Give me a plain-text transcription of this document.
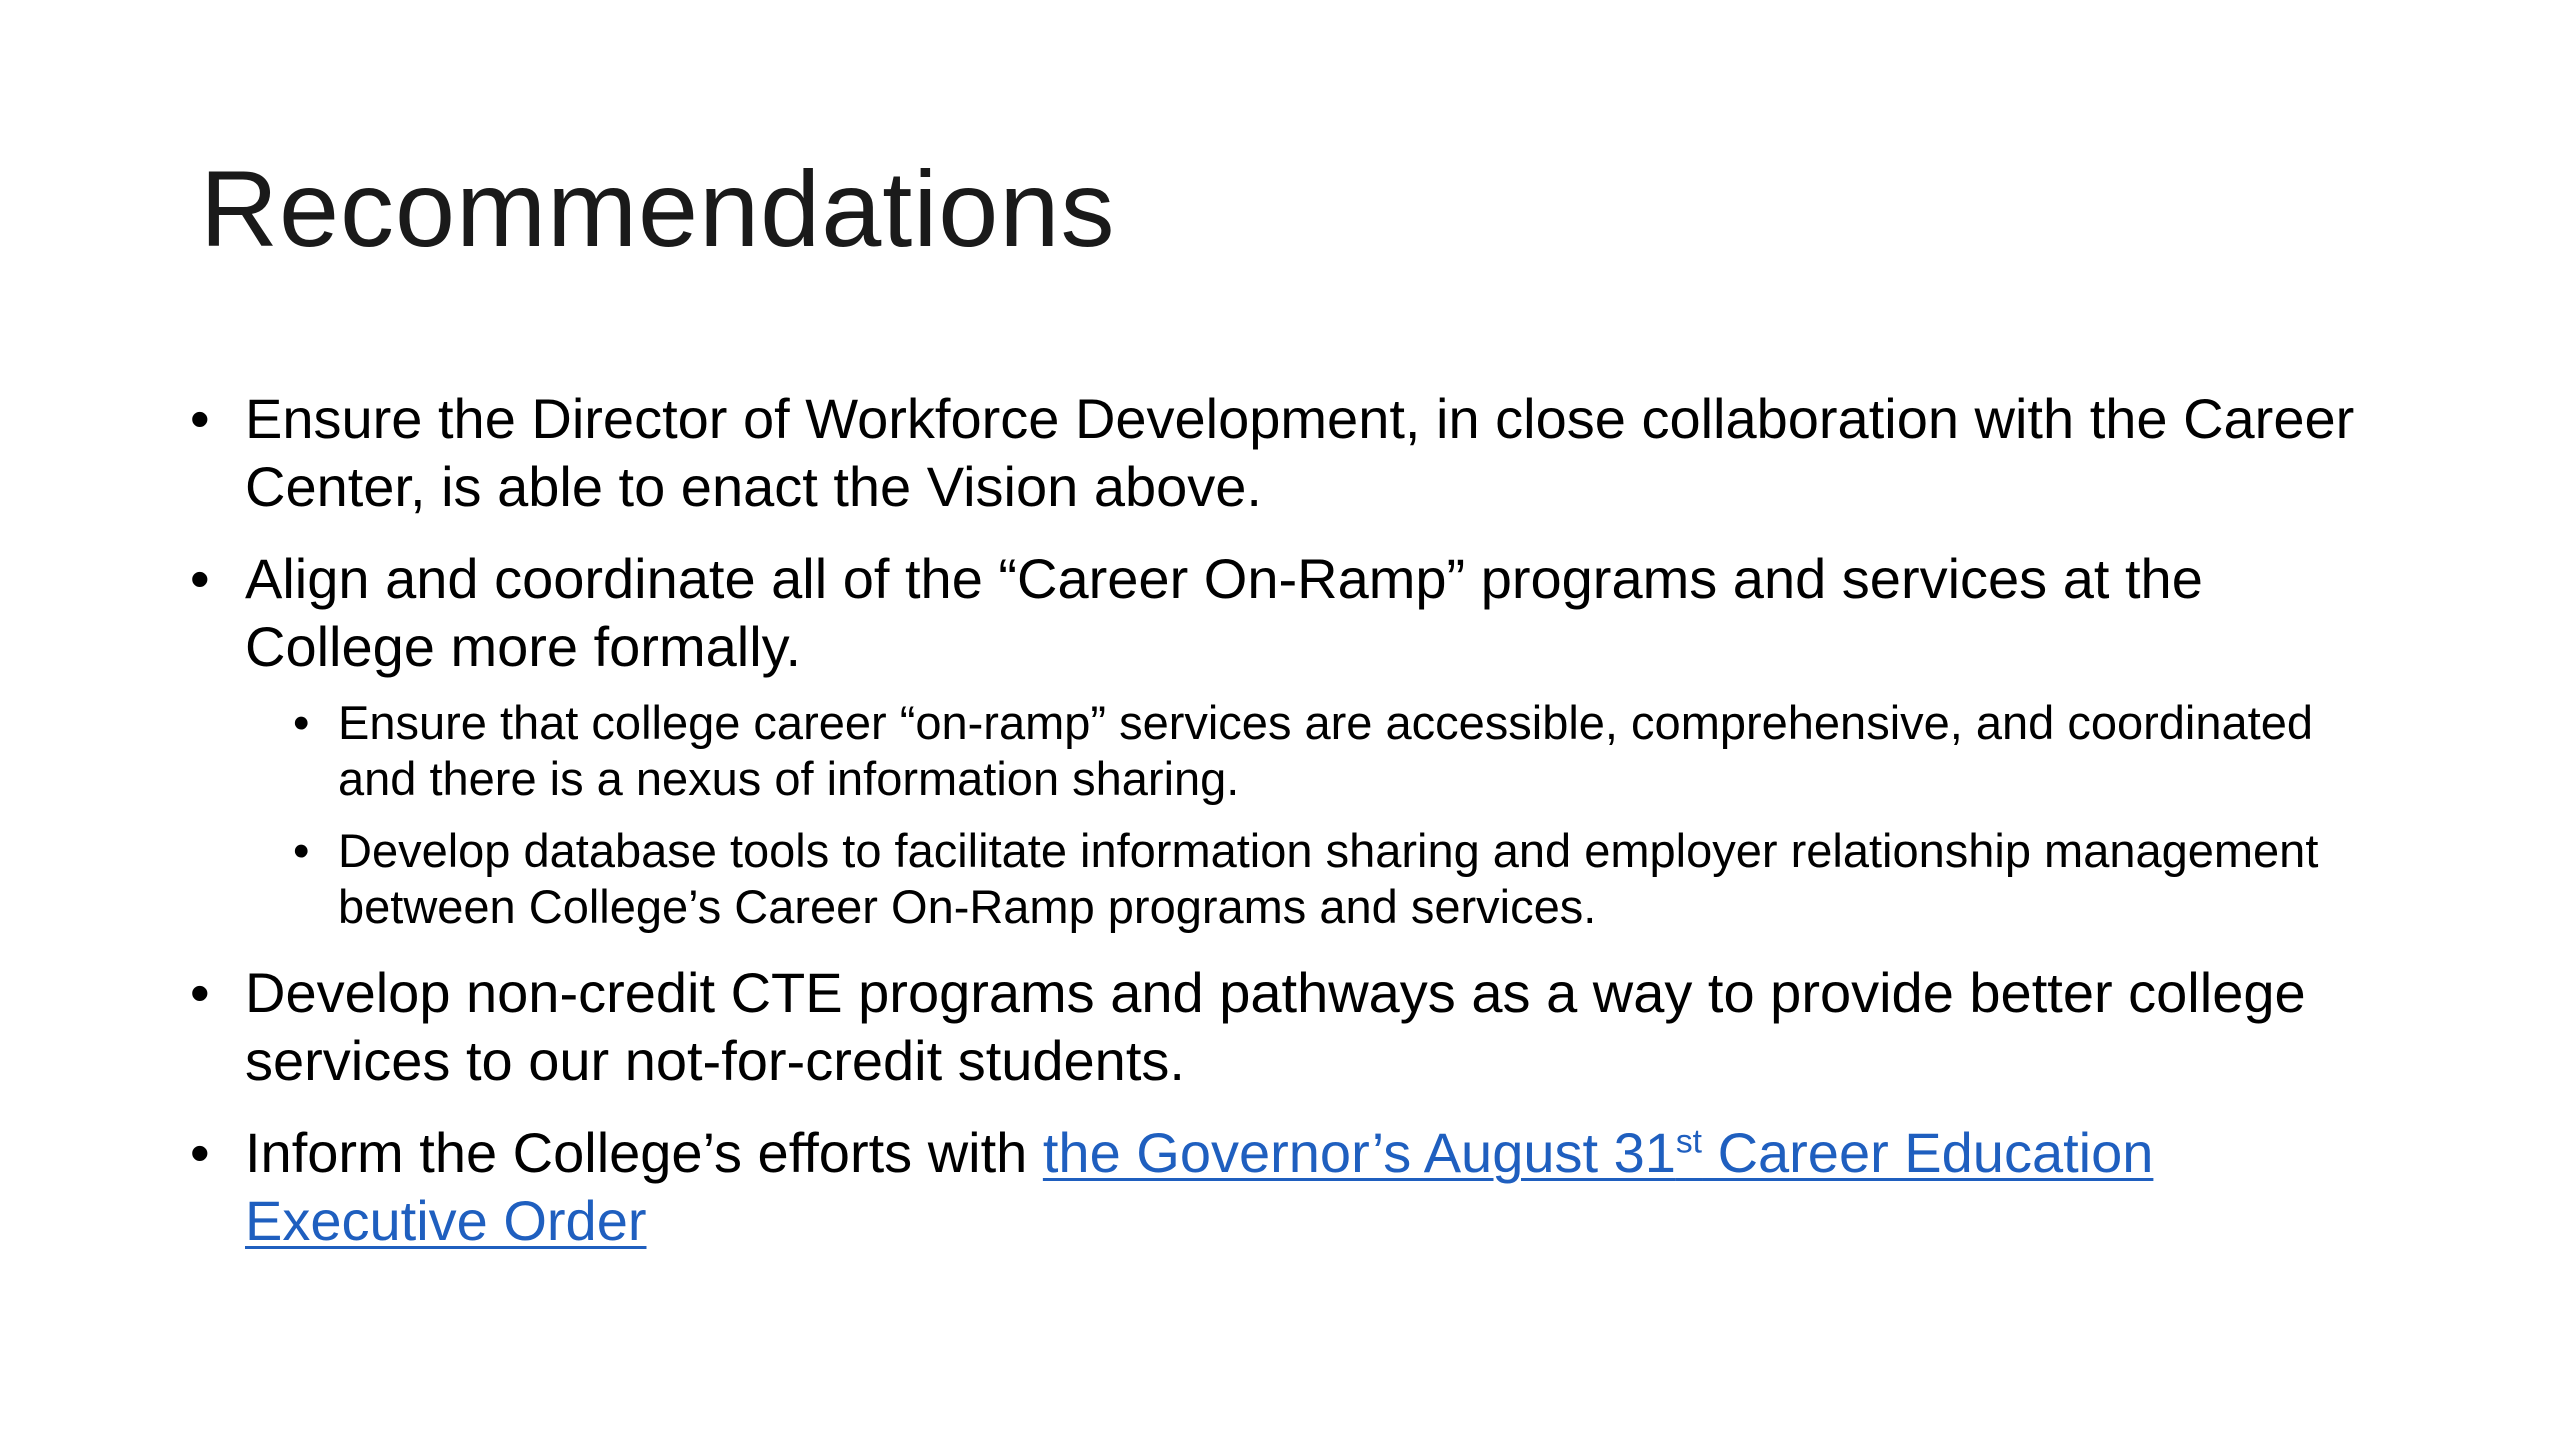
Recommendations
• Ensure the Director of Workforce Development, in close collaboration with the Career Center, is able to enact the Vision above.
• Align and coordinate all of the “Career On-Ramp” programs and services at the College more formally.
• Ensure that college career “on-ramp” services are accessible, comprehensive, and coordinated and there is a nexus of information sharing.
• Develop database tools to facilitate information sharing and employer relationship management between College’s Career On-Ramp programs and services.
• Develop non-credit CTE programs and pathways as a way to provide better college services to our not-for-credit students.
• Inform the College’s efforts with the Governor’s August 31st Career Education Executive Order
